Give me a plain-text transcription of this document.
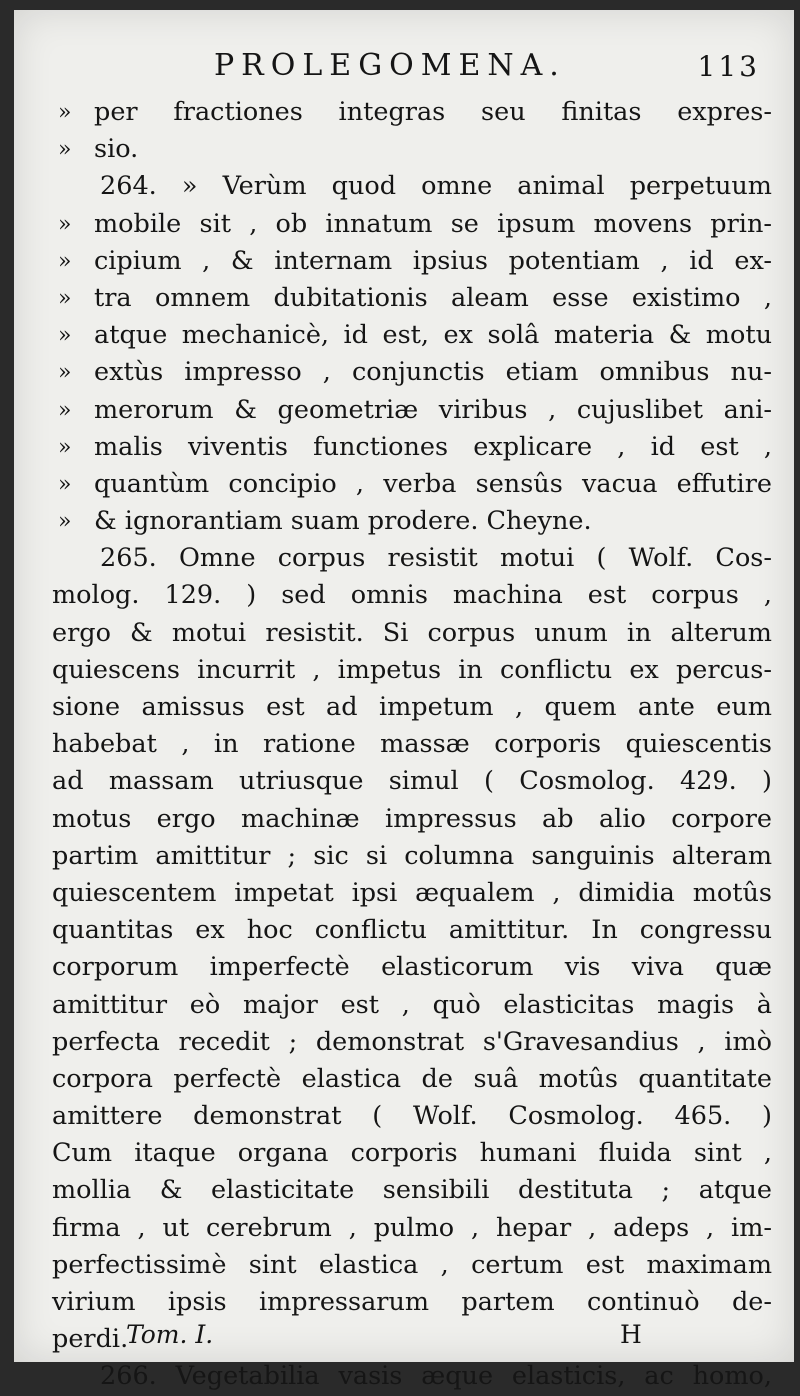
PROLEGOMENA.	113
» per fractiones integras seu finitas expres-
» sio.
264. » Verùm quod omne animal perpetuum
» mobile sit , ob innatum se ipsum movens prin-
» cipium , & internam ipsius potentiam , id ex-
» tra omnem dubitationis aleam esse existimo ,
» atque mechanicè, id est, ex solâ materia & motu
» extùs impresso , conjunctis etiam omnibus nu-
» merorum & geometriæ viribus , cujuslibet ani-
» malis viventis functiones explicare , id est ,
» quantùm concipio , verba sensûs vacua effutire
» & ignorantiam suam prodere. Cheyne.
265. Omne corpus resistit motui ( Wolf. Cos-
molog. 129. ) sed omnis machina est corpus ,
ergo & motui resistit. Si corpus unum in alterum
quiescens incurrit , impetus in conflictu ex percus-
sione amissus est ad impetum , quem ante eum
habebat , in ratione massæ corporis quiescentis
ad massam utriusque simul ( Cosmolog. 429. )
motus ergo machinæ impressus ab alio corpore
partim amittitur ; sic si columna sanguinis alteram
quiescentem impetat ipsi æqualem , dimidia motûs
quantitas ex hoc conflictu amittitur. In congressu
corporum imperfectè elasticorum vis viva quæ
amittitur eò major est , quò elasticitas magis à
perfecta recedit ; demonstrat s'Gravesandius , imò
corpora perfectè elastica de suâ motûs quantitate
amittere demonstrat ( Wolf. Cosmolog. 465. )
Cum itaque organa corporis humani fluida sint ,
mollia & elasticitate sensibili destituta ; atque
firma , ut cerebrum , pulmo , hepar , adeps , im-
perfectissimè sint elastica , certum est maximam
virium ipsis impressarum partem continuò de-
perdi.
266. Vegetabilia vasis æque elasticis, ac homo,
Tom. I.	H
